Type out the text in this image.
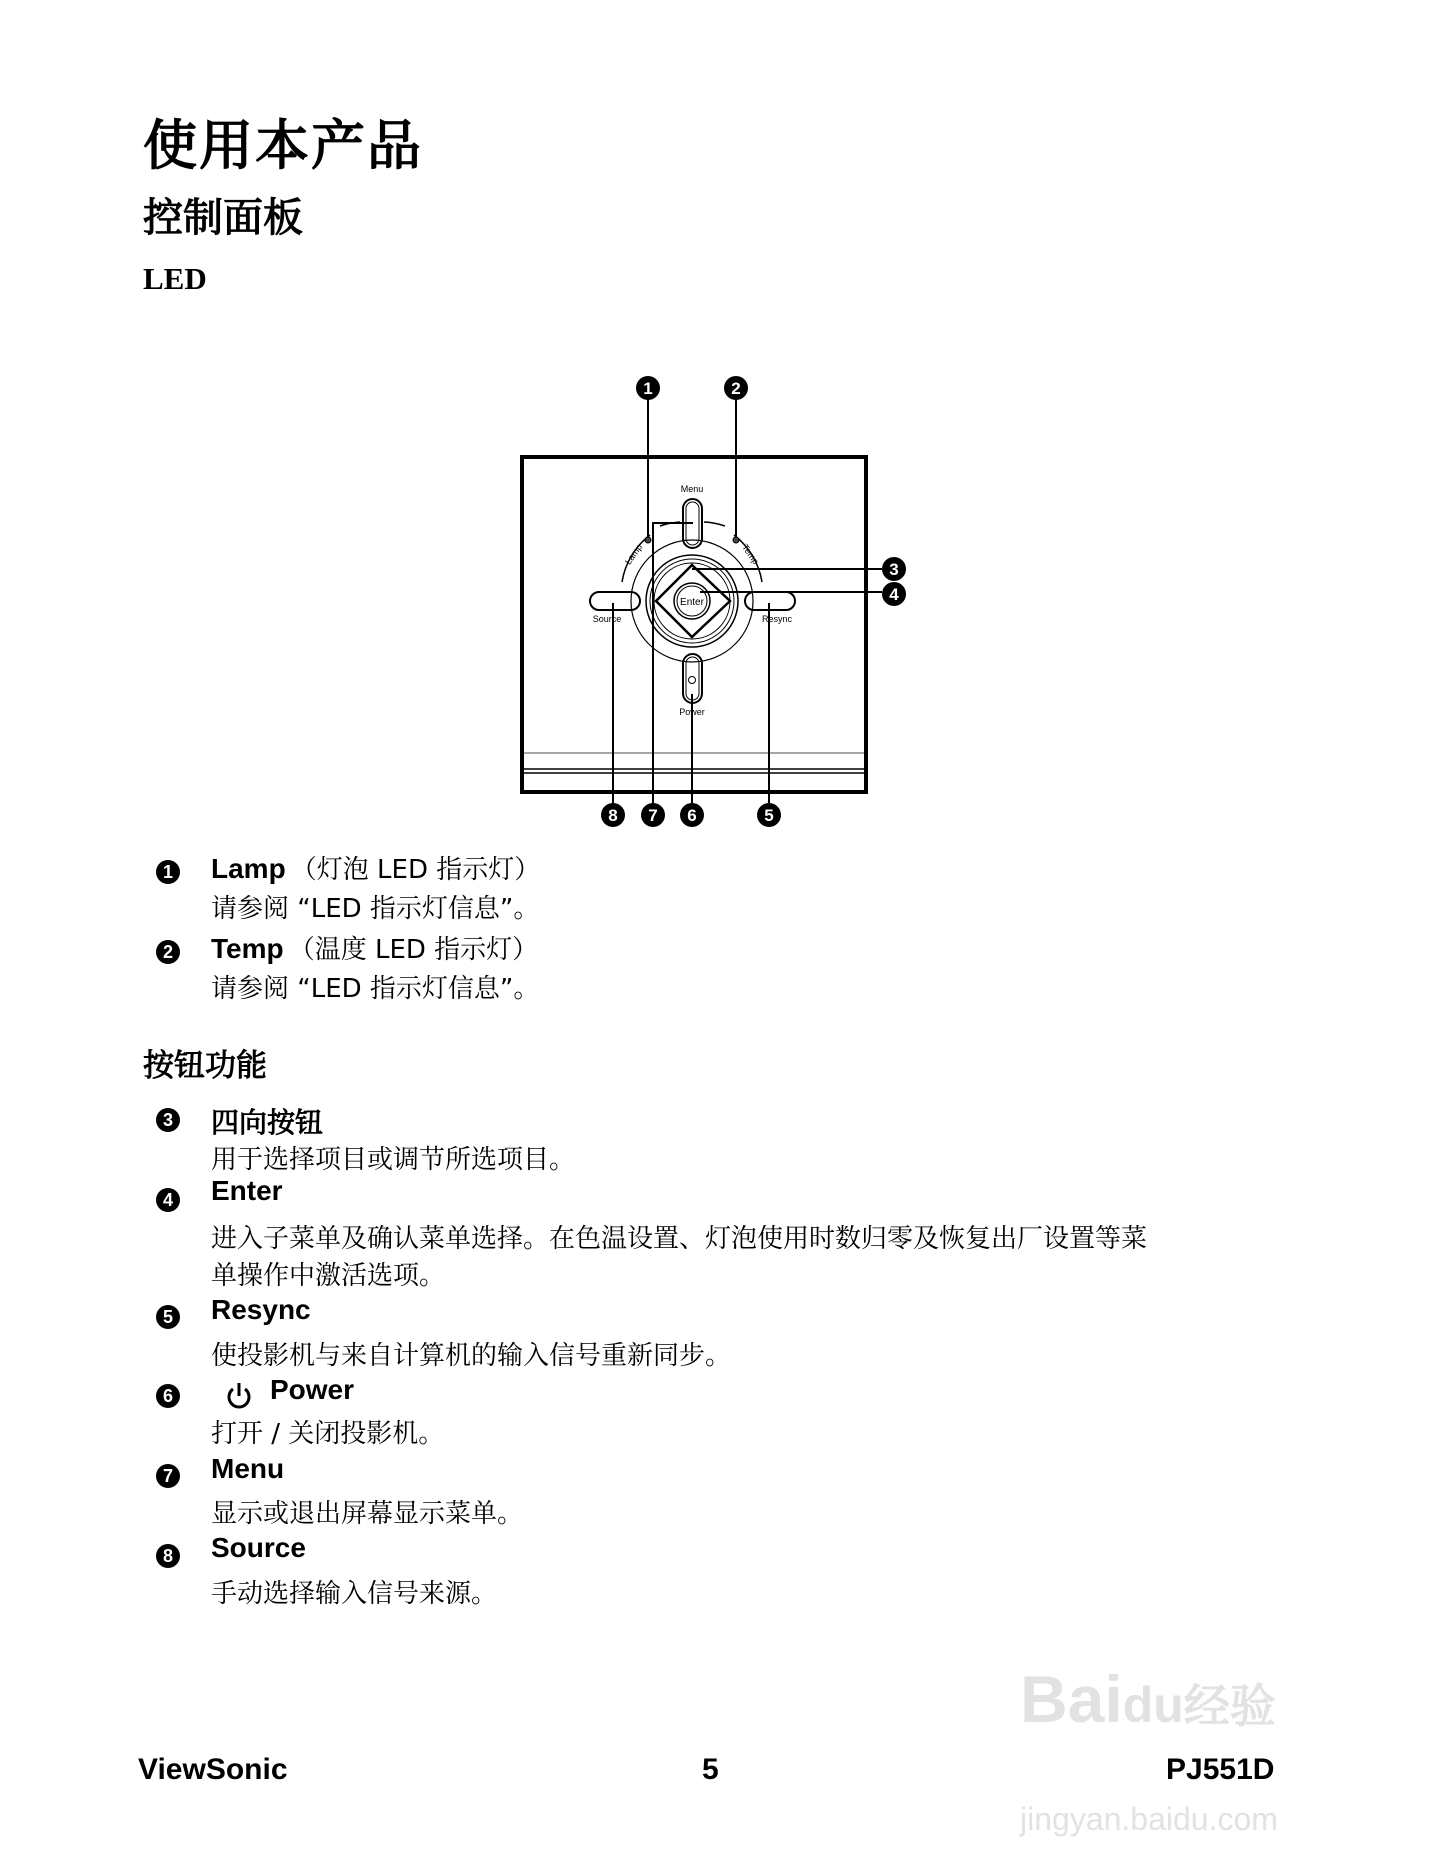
使用本产品
控制面板
LED
Menu
Lamp	Temp
Enter
Source	Resync
Power
1	2
3
4
5
6
7
8
1 Lamp （灯泡 LED 指示灯）
请参阅 “LED 指示灯信息”。
2 Temp （温度 LED 指示灯）
请参阅 “LED 指示灯信息”。
按钮功能
3 四向按钮
用于选择项目或调节所选项目。
4 Enter
进入子菜单及确认菜单选择。在色温设置、灯泡使用时数归零及恢复出厂设置等菜
单操作中激活选项。
5 Resync
使投影机与来自计算机的输入信号重新同步。
6	Power
打开 / 关闭投影机。
7 Menu
显示或退出屏幕显示菜单。
8 Source
手动选择输入信号来源。
Baidu经验
jingyan.baidu.com
ViewSonic	5	PJ551D
